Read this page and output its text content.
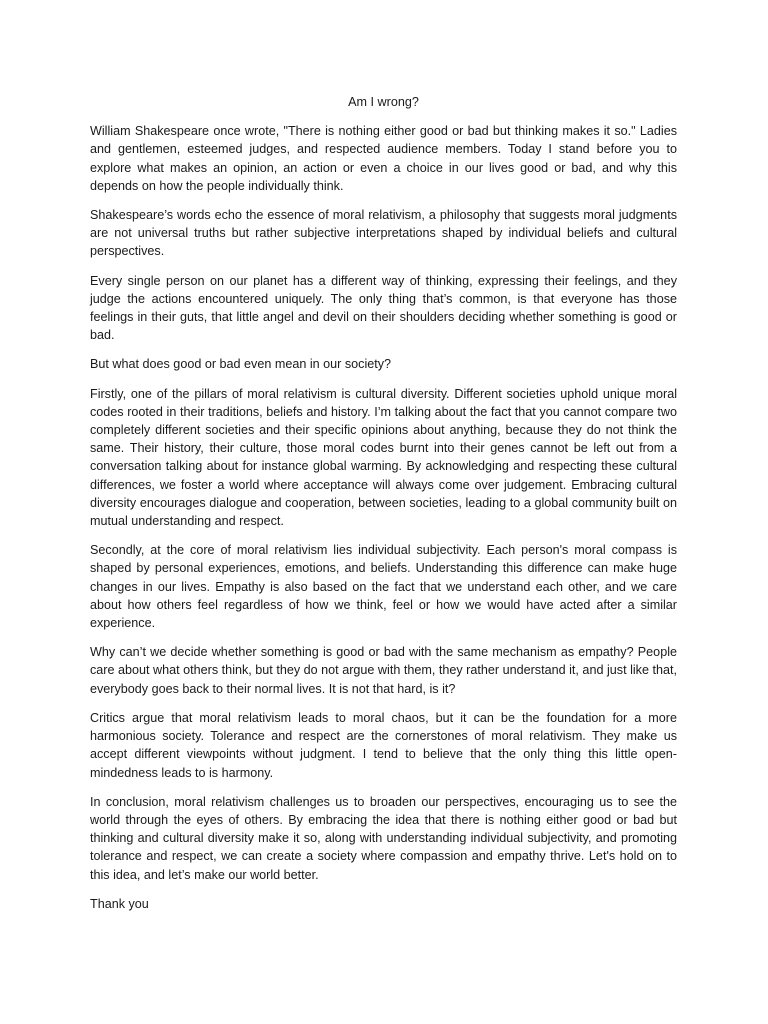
Am I wrong?

William Shakespeare once wrote, "There is nothing either good or bad but thinking makes it so." Ladies and gentlemen, esteemed judges, and respected audience members. Today I stand before you to explore what makes an opinion, an action or even a choice in our lives good or bad, and why this depends on how the people individually think.

Shakespeare’s words echo the essence of moral relativism, a philosophy that suggests moral judgments are not universal truths but rather subjective interpretations shaped by individual beliefs and cultural perspectives.

Every single person on our planet has a different way of thinking, expressing their feelings, and they judge the actions encountered uniquely. The only thing that’s common, is that everyone has those feelings in their guts, that little angel and devil on their shoulders deciding whether something is good or bad.

But what does good or bad even mean in our society?

Firstly, one of the pillars of moral relativism is cultural diversity. Different societies uphold unique moral codes rooted in their traditions, beliefs and history. I’m talking about the fact that you cannot compare two completely different societies and their specific opinions about anything, because they do not think the same. Their history, their culture, those moral codes burnt into their genes cannot be left out from a conversation talking about for instance global warming. By acknowledging and respecting these cultural differences, we foster a world where acceptance will always come over judgement. Embracing cultural diversity encourages dialogue and cooperation, between societies, leading to a global community built on mutual understanding and respect.

Secondly, at the core of moral relativism lies individual subjectivity. Each person's moral compass is shaped by personal experiences, emotions, and beliefs. Understanding this difference can make huge changes in our lives. Empathy is also based on the fact that we understand each other, and we care about how others feel regardless of how we think, feel or how we would have acted after a similar experience.

Why can’t we decide whether something is good or bad with the same mechanism as empathy? People care about what others think, but they do not argue with them, they rather understand it, and just like that, everybody goes back to their normal lives. It is not that hard, is it?

Critics argue that moral relativism leads to moral chaos, but it can be the foundation for a more harmonious society. Tolerance and respect are the cornerstones of moral relativism. They make us accept different viewpoints without judgment. I tend to believe that the only thing this little open-mindedness leads to is harmony.

In conclusion, moral relativism challenges us to broaden our perspectives, encouraging us to see the world through the eyes of others. By embracing the idea that there is nothing either good or bad but thinking and cultural diversity make it so, along with understanding individual subjectivity, and promoting tolerance and respect, we can create a society where compassion and empathy thrive. Let's hold on to this idea, and let’s make our world better.

Thank you
